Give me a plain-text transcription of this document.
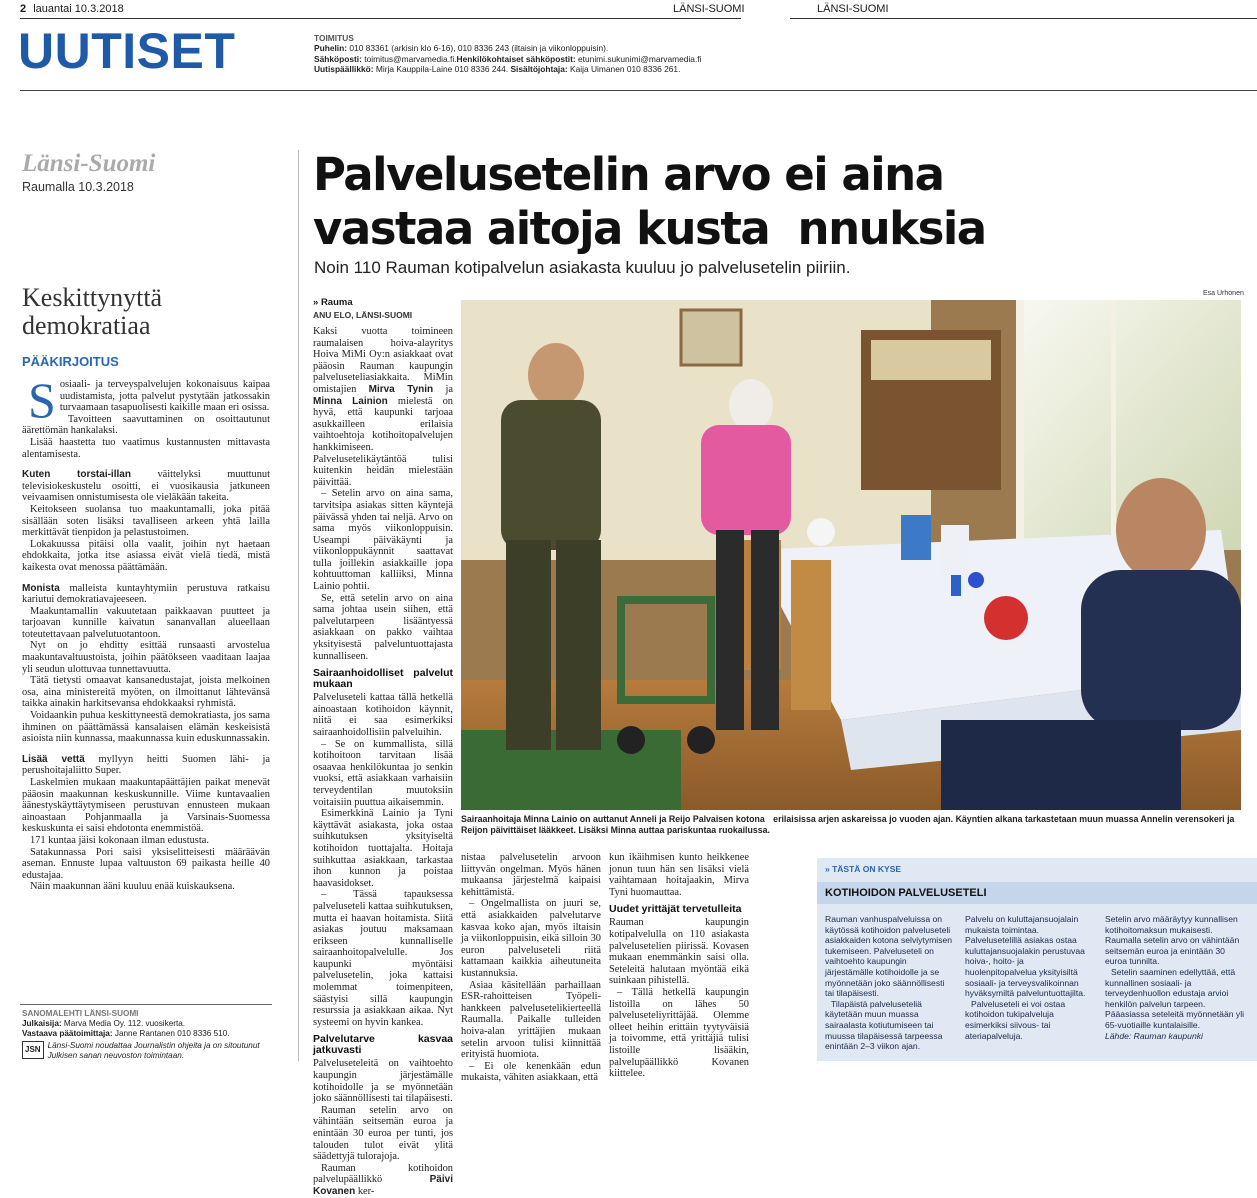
2 lauantai 10.3.2018	LÄNSI-SUOMI	LÄNSI-SUOMI
UUTISET	TOIMITUS
Puhelin: 010 83361 (arkisin klo 6-16), 010 8336 243 (iltaisin ja viikonloppuisin).
Sähköposti: toimitus@marvamedia.fi.Henkilökohtaiset sähköpostit: etunimi.sukunimi@marvamedia.fi
Uutispäällikkö: Mirja Kauppila-Laine 010 8336 244. Sisältöjohtaja: Kaija Uimanen 010 8336 261.
Länsi-Suomi
Raumalla 10.3.2018
Keskittynyttä demokratiaa
PÄÄKIRJOITUS

Sosiaali- ja terveyspalvelujen kokonaisuus kaipaa uudistamista, jotta palvelut pystytään jatkossakin turvaamaan tasapuolisesti kaikille maan eri osissa.

Tavoitteen saavuttaminen on osoittautunut äärettömän hankalaksi.

Lisää haastetta tuo vaatimus kustannusten mittavasta alentamisesta.

Kuten torstai-illan	väittelyksi muuttunut televisiokeskustelu osoitti, ei vuosikausia jatkuneen veivaamisen onnistumisesta ole vieläkään takeita.

Keitokseen suolansa tuo maakuntamalli, joka pitää sisällään soten lisäksi tavalliseen arkeen yhtä lailla merkittävät tienpidon ja pelastustoimen.

Lokakuussa pitäisi olla vaalit, joihin nyt haetaan ehdokkaita, jotka itse asiassa eivät vielä tiedä, mistä kaikesta ovat menossa päättämään.

Monista malleista kuntayhtymiin perustuva ratkaisu kariutui demokratiavajeeseen.

Maakuntamallin vakuutetaan paikkaavan puutteet ja tarjoavan kunnille kaivatun sananvallan alueellaan toteutettavaan palvelutuotantoon.

Nyt on jo ehditty esittää runsaasti arvostelua maakuntavaltuustoista, joihin päätökseen vaaditaan laajaa yli seudun ulottuvaa tunnettavuutta.

Tätä tietysti omaavat kansanedustajat, joista melkoinen osa, aina ministereitä myöten, on ilmoittanut lähtevänsä taikka ainakin harkitsevansa ehdokkaaksi ryhmistä.

Voidaankin puhua keskittyneestä demokratiasta, jos sama ihminen on päättämässä kansalaisen elämän keskeisistä asioista niin kunnassa, maakunnassa kuin eduskunnassakin.

Lisää vettä myllyyn heitti Suomen lähi- ja perushoitajaliitto Super.

Laskelmien mukaan maakuntapäättäjien paikat menevät pääosin maakunnan keskuskunnille. Viime kuntavaalien äänestyskäyttäytymiseen perustuvan ennusteen mukaan ainoastaan Pohjanmaalla ja Varsinais-Suomessa keskuskunta ei saisi ehdotonta enemmistöä.

171 kuntaa jäisi kokonaan ilman edustusta.

Satakunnassa Pori saisi yksiselitteisesti määräävän aseman. Ennuste lupaa valtuuston 69 paikasta heille 40 edustajaa.

Näin maakunnan ääni kuuluu enää kuiskauksena.

SANOMALEHTI LÄNSI-SUOMI
Julkaisija: Marva Media Oy. 112. vuosikerta.
Vastaava päätoimittaja: Janne Rantanen 010 8336 510.
JSN Länsi-Suomi noudattaa Journalistin ohjeita ja on sitoutunut Julkisen sanan neuvoston toimintaan.
Palvelusetelin arvo ei aina
vastaa aitoja kusta  nnuksia
Noin 110 Rauman kotipalvelun asiakasta kuuluu jo palvelusetelin piiriin.
» Rauma
ANU ELO, LÄNSI-SUOMI
Esa Urhonen
Sairaanhoitaja Minna Lainio on auttanut Anneli ja Reijo Palvaisen kotona erilaisissa arjen askareissa jo vuoden ajan. Käyntien alkana tarkastetaan muun muassa Annelin verensokeri ja
Reijon päivittäiset lääkkeet. Lisäksi Minna auttaa pariskuntaa ruokailussa.

Kaksi vuotta toimineen raumalaisen hoiva-alayritys Hoiva MiMi Oy:n asiakkaat ovat pääosin Rauman kaupungin palveluseteliasiakkaita. MiMin omistajien Mirva Tynin ja Minna Lainion mielestä on hyvä, että kaupunki tarjoaa asukkailleen erilaisia vaihtoehtoja kotihoitopalvelujen hankkimiseen. Palvelusetelikäytäntöä tulisi kuitenkin heidän mielestään päivittää.

– Setelin arvo on aina sama, tarvitsipa asiakas sitten käyntejä päivässä yhden tai neljä. Arvo on sama myös viikonloppuisin. Useampi päiväkäynti ja viikonloppukäynnit saattavat tulla joillekin asiakkaille jopa kohtuuttoman kalliiksi, Minna Lainio pohtii.

Se, että setelin arvo on aina sama johtaa usein siihen, että palvelutarpeen lisääntyessä asiakkaan on pakko vaihtaa yksityisestä palveluntuottajasta kunnalliseen.

Sairaanhoidolliset palvelut mukaan

Palveluseteli kattaa tällä hetkellä ainoastaan kotihoidon käynnit, niitä ei saa esimerkiksi sairaanhoidollisiin palveluihin.

– Se on kummallista, sillä kotihoitoon tarvitaan lisää osaavaa henkilökuntaa jo senkin vuoksi, että asiakkaan varhaisiin terveydentilan muutoksiin voitaisiin puuttua aikaisemmin.

Esimerkkinä Lainio ja Tyni käyttävät asiakasta, joka ostaa suihkutuksen yksityiseltä kotihoidon tuottajalta. Hoitaja suihkuttaa asiakkaan, tarkastaa ihon kunnon ja poistaa haavasidokset.

– Tässä tapauksessa palveluseteli kattaa suihkutuksen, mutta ei haavan hoitamista. Siitä asiakas joutuu maksamaan erikseen kunnalliselle sairaanhoitopalvelulle. Jos kaupunki myöntäisi palvelusetelin, joka kattaisi molemmat toimenpiteen, säästyisi sillä kaupungin resurssia ja asiakkaan aikaa. Nyt systeemi on hyvin kankea.

Palvelutarve kasvaa jatkuvasti

Palveluseteleitä on vaihtoehto kaupungin järjestämälle kotihoidolle ja se myönnetään joko säännöllisesti tai tilapäisesti.

Rauman setelin arvo on vähintään seitsemän euroa ja enintään 30 euroa per tunti, jos talouden tulot eivät ylitä säädettyjä tulorajoja.

Rauman kotihoidon palvelupäällikkö	Päivi Kovanen ker-

nistaa palvelusetelin arvoon liittyvän ongelman. Myös hänen mukaansa järjestelmä kaipaisi kehittämistä.

– Ongelmallista on juuri se, että asiakkaiden palvelutarve kasvaa koko ajan, myös iltaisin ja viikonloppuisin, eikä silloin 30 euron palveluseteli riitä kattamaan kaikkia aiheutuneita kustannuksia.

Asiaa käsitellään parhaillaan ESR-rahoitteisen Työpeli-hankkeen palvelusetelikierteellä Raumalla. Paikalle tulleiden hoiva-alan yrittäjien mukaan setelin arvoon tulisi kiinnittää erityistä huomiota.

– Ei ole kenenkään edun mukaista, vähiten asiakkaan, että

kun ikäihmisen kunto heikkenee jonun tuun hän sen lisäksi vielä vaihtamaan hoitajaakin, Mirva Tyni huomauttaa.

Uudet yrittäjät tervetulleita

Rauman kaupungin kotipalvelulla on 110 asiakasta palvelusetelien piirissä. Kovasen mukaan enemmänkin saisi olla. Seteleitä halutaan myöntää eikä suinkaan pihistellä.

– Tällä hetkellä kaupungin listoilla on lähes 50 palveluseteliyrittäjää. Olemme olleet heihin erittäin tyytyväisiä ja toivomme, että yrittäjiä tulisi listoille lisääkin, palvelupäällikkö Kovanen kiittelee.

» TÄSTÄ ON KYSE
KOTIHOIDON PALVELUSETELI

Rauman vanhuspalveluissa on käytössä kotihoidon palveluseteli asiakkaiden kotona selviytymisen tukemiseen. Palveluseteli on vaihtoehto kaupungin järjestämälle kotihoidolle ja se myönnetään joko säännöllisesti tai tilapäisesti.

Tilapäistä palveluseteliä käytetään muun muassa sairaalasta kotiutumiseen tai muussa tilapäisessä tarpeessa enintään 2–3 viikon ajan.

Palvelu on kuluttajansuojalain mukaista toimintaa. Palvelusetelillä asiakas ostaa kuluttajansuojalakin perustuvaa hoiva-, hoito- ja huolenpitopalvelua yksityisiltä sosiaali- ja terveysvalikoinnan hyväksymiltä palveluntuottajilta.

Palveluseteli ei voi ostaa kotihoidon tukipalveluja esimerkiksi siivous- tai ateriapalveluja.

Setelin arvo määräytyy kunnallisen kotihoitomaksun mukaisesti. Raumalla setelin arvo on vähintään seitsemän euroa ja enintään 30 euroa tunnilta.

Setelin saaminen edellyttää, että kunnallinen sosiaali- ja terveydenhuollon edustaja arvioi henkilön palvelun tarpeen. Pääasiassa seteleitä myönnetään yli 65-vuotiaille kuntalaisille.

Lähde: Rauman kaupunki
